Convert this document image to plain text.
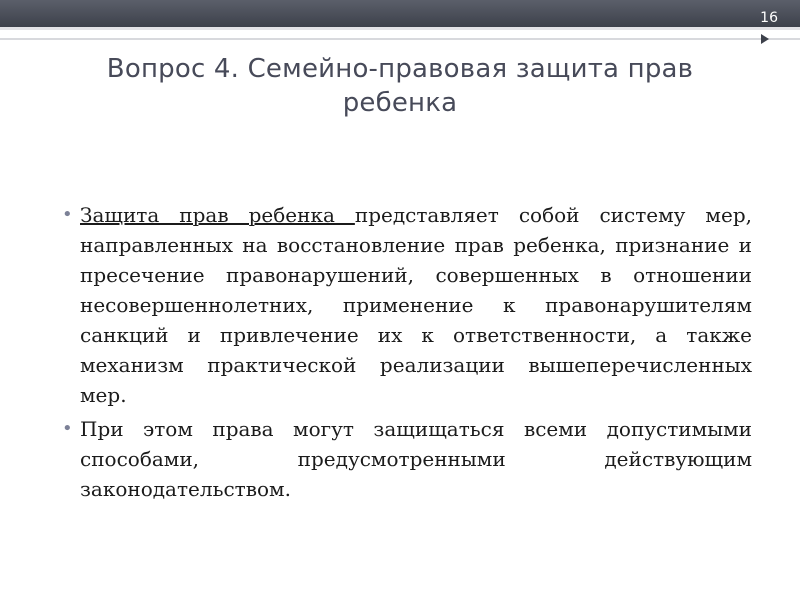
16
Вопрос 4. Семейно-правовая защита прав ребенка
• Защита прав ребенка представляет собой систему мер, направленных на восстановление прав ребенка, признание и пресечение правонарушений, совершенных в отношении несовершеннолетних, применение к правонарушителям санкций и привлечение их к ответственности, а также механизм практической реализации вышеперечисленных мер.
• При этом права могут защищаться всеми допустимыми способами, предусмотренными действующим законодательством.
